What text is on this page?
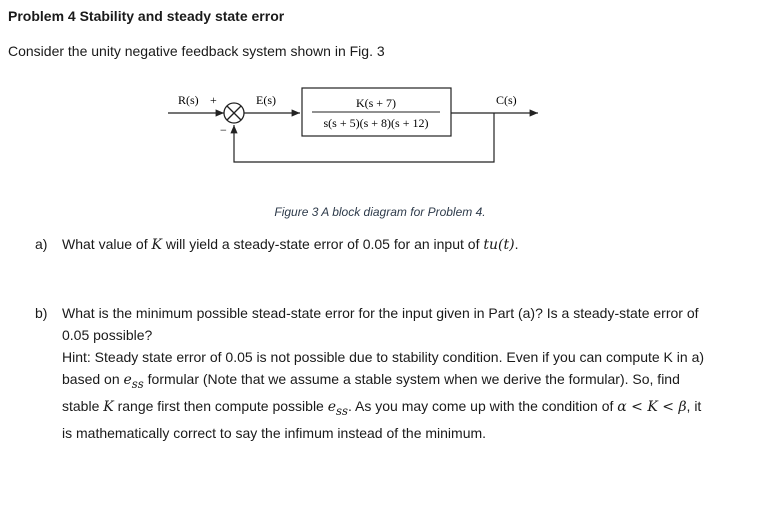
Problem 4 Stability and steady state error
Consider the unity negative feedback system shown in Fig. 3
R(s) +
−
E(s)	K(s + 7)
s(s + 5)(s + 8)(s + 12)
C(s)
Figure 3 A block diagram for Problem 4.
a) What value of K will yield a steady-state error of 0.05 for an input of tu(t).
b) What is the minimum possible stead-state error for the input given in Part (a)? Is a steady-state error of 0.05 possible?
Hint: Steady state error of 0.05 is not possible due to stability condition. Even if you can compute K in a) based on $e_{ss}$ formular (Note that we assume a stable system when we derive the formular). So, find stable K range first then compute possible $e_{ss}$. As you may come up with the condition of α < K < β, it is mathematically correct to say the infimum instead of the minimum.
